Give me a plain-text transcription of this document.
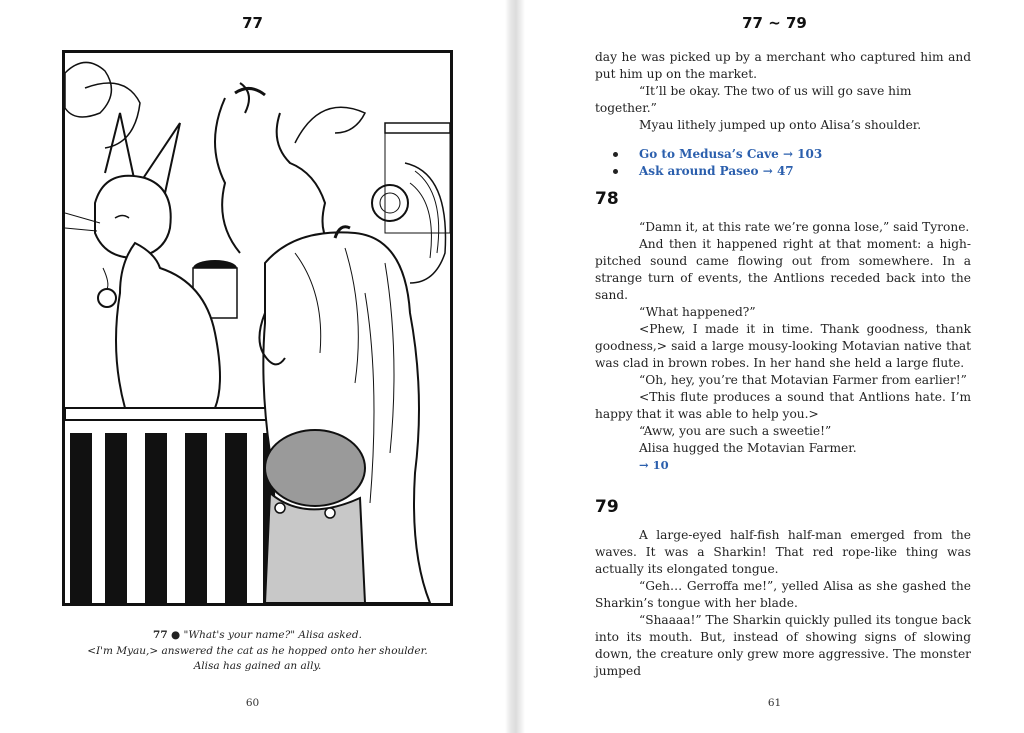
77
77 ● "What's your name?" Alisa asked.
<I'm Myau,> answered the cat as he hopped onto her shoulder.
Alisa has gained an ally.
60
77 ~ 79

day he was picked up by a merchant who captured him and put him up on the market.

“It’ll be okay. The two of us will go save him together.”

Myau lithely jumped up onto Alisa’s shoulder.

Go to Medusa’s Cave → 103
Ask around Paseo → 47
78

“Damn it, at this rate we’re gonna lose,” said Tyrone.

And then it happened right at that moment: a high-pitched sound came flowing out from somewhere. In a strange turn of events, the Antlions receded back into the sand.

“What happened?”

<Phew, I made it in time. Thank goodness, thank goodness,> said a large mousy-looking Motavian native that was clad in brown robes. In her hand she held a large flute.

“Oh, hey, you’re that Motavian Farmer from earlier!”

<This flute produces a sound that Antlions hate. I’m happy that it was able to help you.>

“Aww, you are such a sweetie!”

Alisa hugged the Motavian Farmer.

→ 10
79

A large-eyed half-fish half-man emerged from the waves. It was a Sharkin! That red rope-like thing was actually its elongated tongue.

“Geh… Gerroffa me!”, yelled Alisa as she gashed the Sharkin’s tongue with her blade.

“Shaaaa!” The Sharkin quickly pulled its tongue back into its mouth. But, instead of showing signs of slowing down, the creature only grew more aggressive. The monster jumped

61
